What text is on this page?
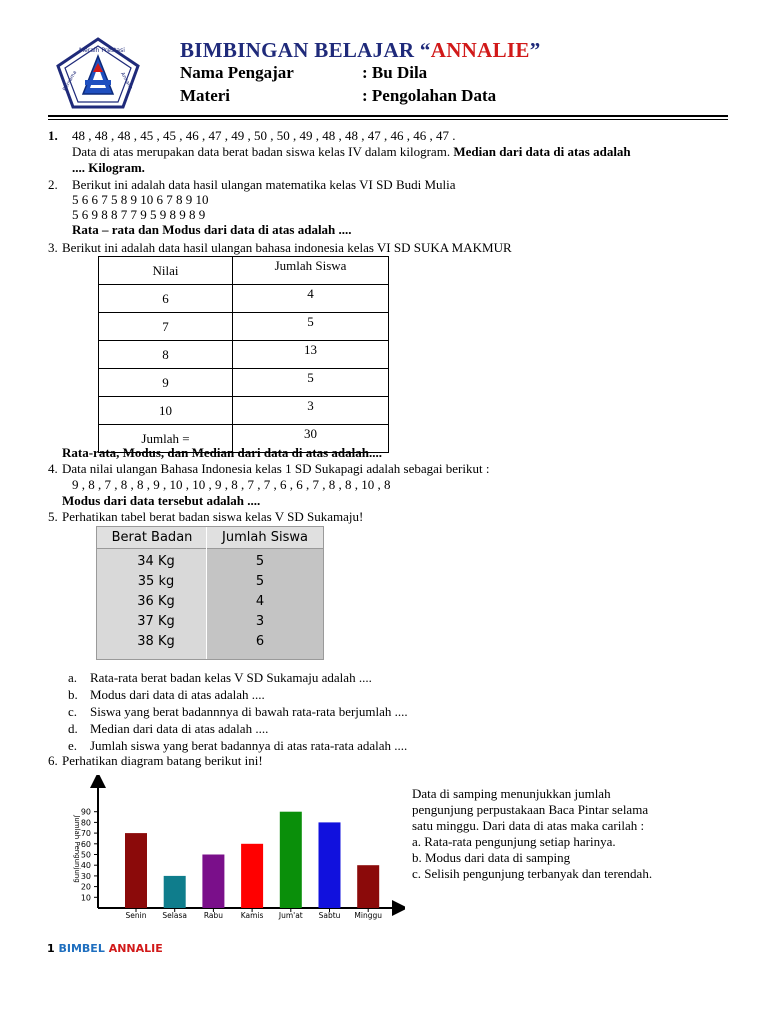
Meraih Prestasi
Bersama	Annalie
BIMBINGAN BELAJAR “ANNALIE”
Nama Pengajar	: Bu Dila
Materi	: Pengolahan Data
1. 48 , 48 , 48 , 45 , 45 , 46 , 47 , 49 , 50 , 50 , 49 , 48 , 48 , 47 , 46 , 46 , 47 .
Data di atas merupakan data berat badan siswa kelas IV dalam kilogram. Median dari data di atas adalah
.... Kilogram.
2. Berikut ini adalah data hasil ulangan matematika kelas VI SD Budi Mulia
5 6 6 7 5 8 9 10 6 7 8 9 10
5 6 9 8 8 7 7 9 5 9 8 9 8 9
Rata – rata dan Modus dari data di atas adalah ....
3. Berikut ini adalah data hasil ulangan bahasa indonesia kelas VI SD SUKA MAKMUR
Nilai	Jumlah Siswa
6	4
7	5
8	13
9	5
10	3
Jumlah =	30
Rata-rata, Modus, dan Median dari data di atas adalah....
4. Data nilai ulangan Bahasa Indonesia kelas 1 SD Sukapagi adalah sebagai berikut :
9 , 8 , 7 , 8 , 8 , 9 , 10 , 10 , 9 , 8 , 7 , 7 , 6 , 6 , 7 , 8 , 8 , 10 , 8
Modus dari data tersebut adalah ....
5. Perhatikan tabel berat badan siswa kelas V SD Sukamaju!
Berat Badan	Jumlah Siswa
34 Kg	5
35 kg	5
36 Kg	4
37 Kg	3
38 Kg	6
a. Rata-rata berat badan kelas V SD Sukamaju adalah ....
b. Modus dari data di atas adalah ....
c. Siswa yang berat badannnya di bawah rata-rata berjumlah ....
d. Median dari data di atas adalah ....
e. Jumlah siswa yang berat badannya di atas rata-rata adalah ....
6. Perhatikan diagram batang berikut ini!
10
20
30
40
50
60
70
80
90
Jumlah Pengunjung
Senin Selasa Rabu Kamis Jum'at Sabtu Minggu
Data di samping menunjukkan jumlah
pengunjung perpustakaan Baca Pintar selama
satu minggu. Dari data di atas maka carilah :
a. Rata-rata pengunjung setiap harinya.
b. Modus dari data di samping
c. Selisih pengunjung terbanyak dan terendah.
1 BIMBEL ANNALIE
